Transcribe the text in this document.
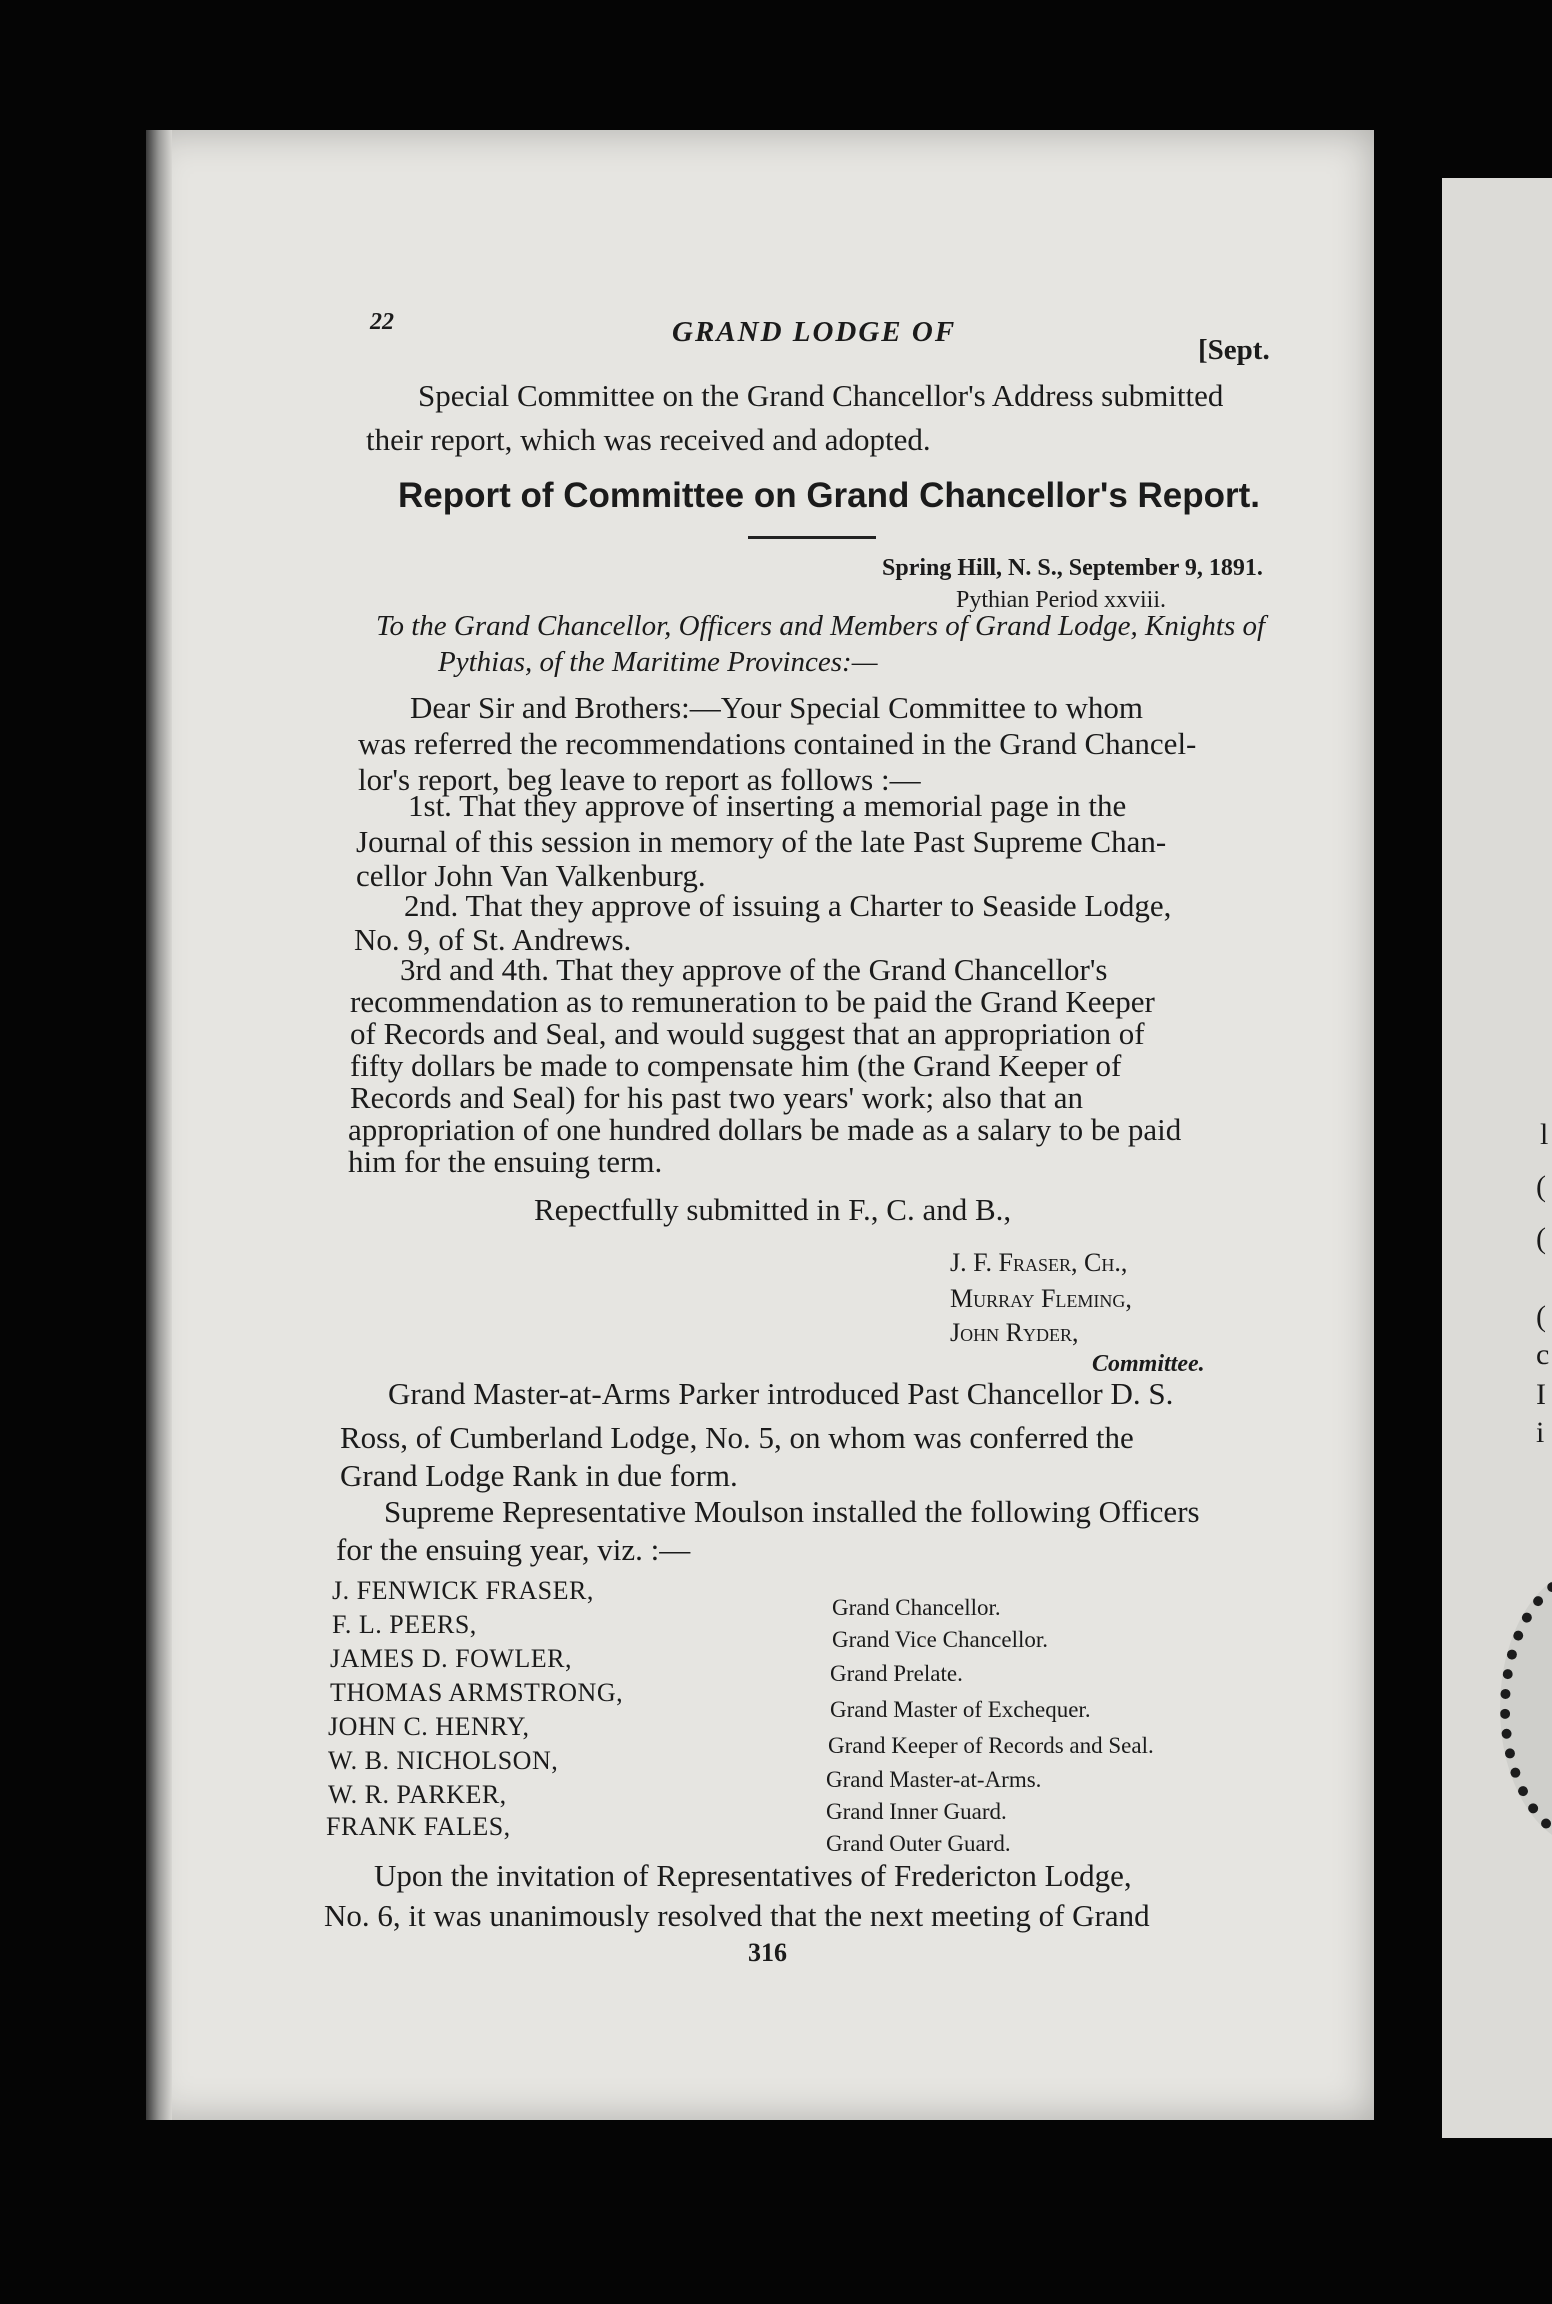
l
(
(
(
c
I
i
22	GRAND LODGE OF
[Sept.
Special Committee on the Grand Chancellor's Address submitted
their report, which was received and adopted.
Report of Committee on Grand Chancellor's Report.
Spring Hill, N. S., September 9, 1891.
Pythian Period xxviii.
To the Grand Chancellor, Officers and Members of Grand Lodge, Knights of
Pythias, of the Maritime Provinces:—
Dear Sir and Brothers:—Your Special Committee to whom
was referred the recommendations contained in the Grand Chancel-
lor's report, beg leave to report as follows :—
1st. That they approve of inserting a memorial page in the
Journal of this session in memory of the late Past Supreme Chan-
cellor John Van Valkenburg.
2nd. That they approve of issuing a Charter to Seaside Lodge,
No. 9, of St. Andrews.
3rd and 4th. That they approve of the Grand Chancellor's
recommendation as to remuneration to be paid the Grand Keeper
of Records and Seal, and would suggest that an appropriation of
fifty dollars be made to compensate him (the Grand Keeper of
Records and Seal) for his past two years' work; also that an
appropriation of one hundred dollars be made as a salary to be paid
him for the ensuing term.
Repectfully submitted in F., C. and B.,
J. F. Fraser, Ch.,
Murray Fleming,
John Ryder,
Committee.
Grand Master-at-Arms Parker introduced Past Chancellor D. S.
Ross, of Cumberland Lodge, No. 5, on whom was conferred the
Grand Lodge Rank in due form.
Supreme Representative Moulson installed the following Officers
for the ensuing year, viz. :—
J. FENWICK FRASER,
Grand Chancellor.
F. L. PEERS,
Grand Vice Chancellor.
JAMES D. FOWLER,
Grand Prelate.
THOMAS ARMSTRONG,
Grand Master of Exchequer.
JOHN C. HENRY,
Grand Keeper of Records and Seal.
W. B. NICHOLSON,
Grand Master-at-Arms.
W. R. PARKER,
Grand Inner Guard.
FRANK FALES,
Grand Outer Guard.
Upon the invitation of Representatives of Fredericton Lodge,
No. 6, it was unanimously resolved that the next meeting of Grand
316
